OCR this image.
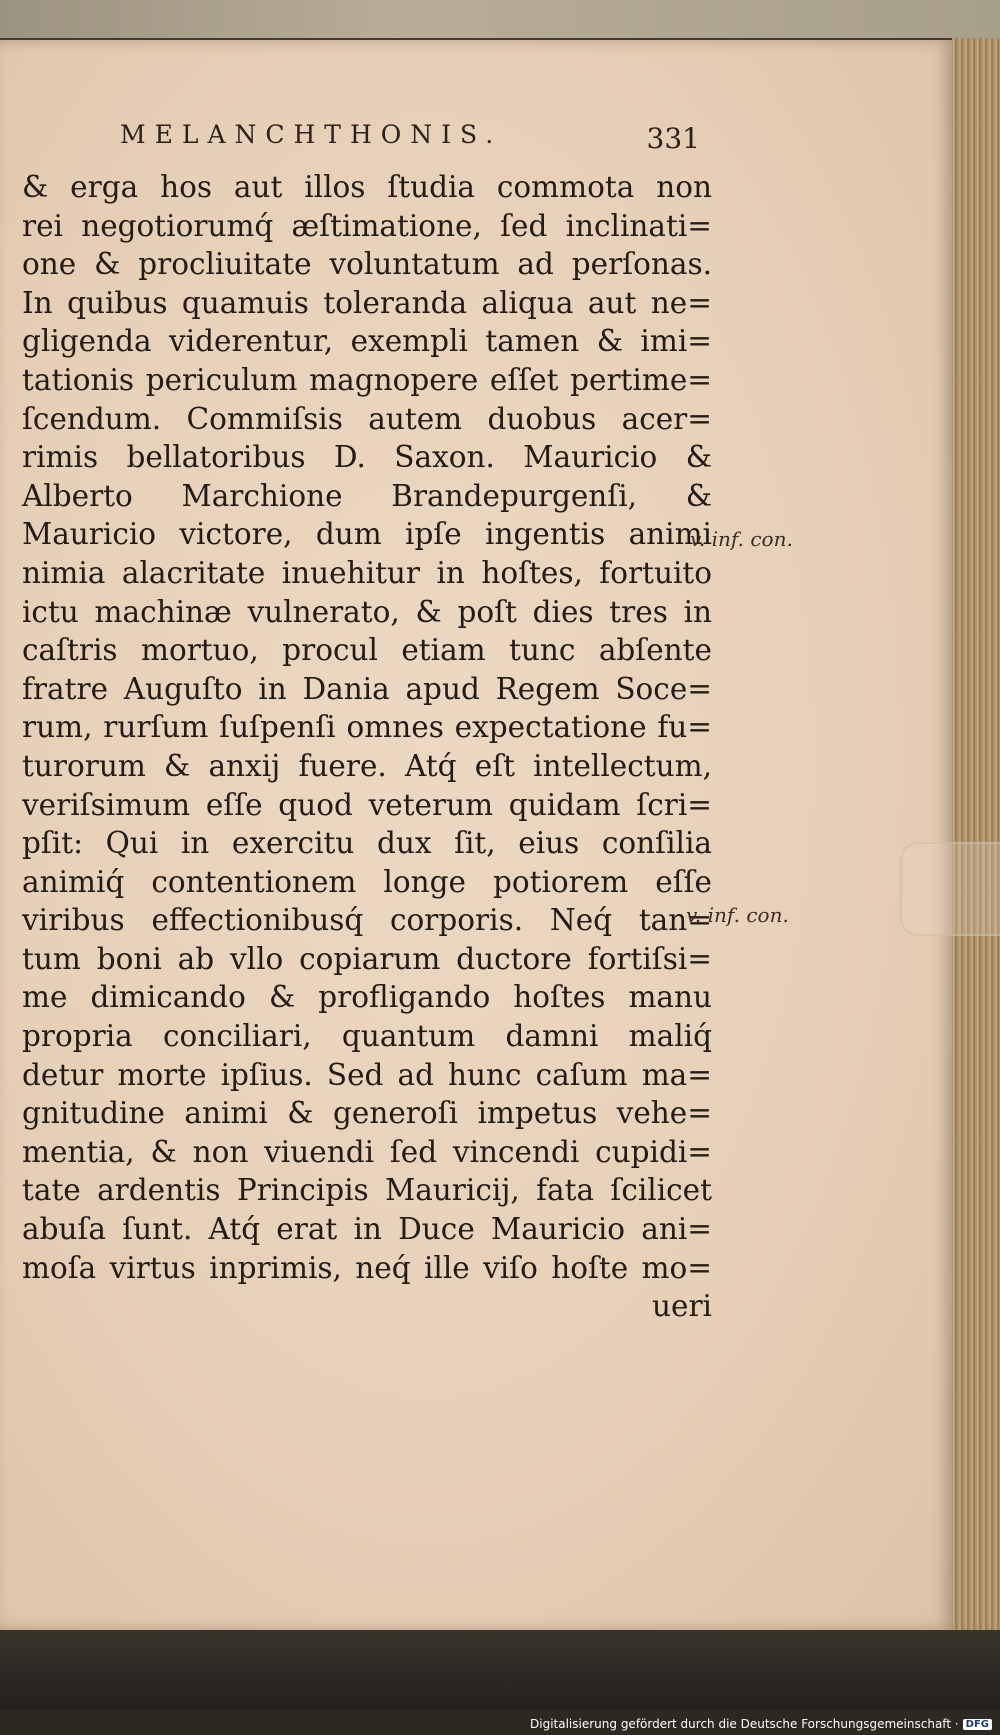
MELANCHTHONIS.	331
& erga hos aut illos ſtudia commota non
rei negotiorumq́ æſtimatione, ſed inclinati=
one & procliuitate voluntatum ad perſonas.
In quibus quamuis toleranda aliqua aut ne=
gligenda viderentur, exempli tamen & imi=
tationis periculum magnopere eſſet pertime=
ſcendum. Commiſsis autem duobus acer=
rimis bellatoribus D. Saxon. Mauricio &
Alberto Marchione Brandepurgenſi, &
Mauricio victore, dum ipſe ingentis animi
nimia alacritate inuehitur in hoſtes, fortuito
ictu machinæ vulnerato, & poſt dies tres in
caſtris mortuo, procul etiam tunc abſente
fratre Auguſto in Dania apud Regem Soce=
rum, rurſum ſuſpenſi omnes expectatione fu=
turorum & anxij fuere. Atq́ eſt intellectum,
veriſsimum eſſe quod veterum quidam ſcri=
pſit: Qui in exercitu dux ſit, eius conſilia
animiq́ contentionem longe potiorem eſſe
viribus effectionibusq́ corporis. Neq́ tan=
tum boni ab vllo copiarum ductore fortiſsi=
me dimicando & profligando hoſtes manu
propria conciliari, quantum damni maliq́
detur morte ipſius. Sed ad hunc caſum ma=
gnitudine animi & generoſi impetus vehe=
mentia, & non viuendi ſed vincendi cupidi=
tate ardentis Principis Mauricij, fata ſcilicet
abuſa ſunt. Atq́ erat in Duce Mauricio ani=
moſa virtus inprimis, neq́ ille viſo hoſte mo=
ueri
v. inf. con.
v. inf. con.
Digitalisierung gefördert durch die Deutsche Forschungsgemeinschaft · DFG
